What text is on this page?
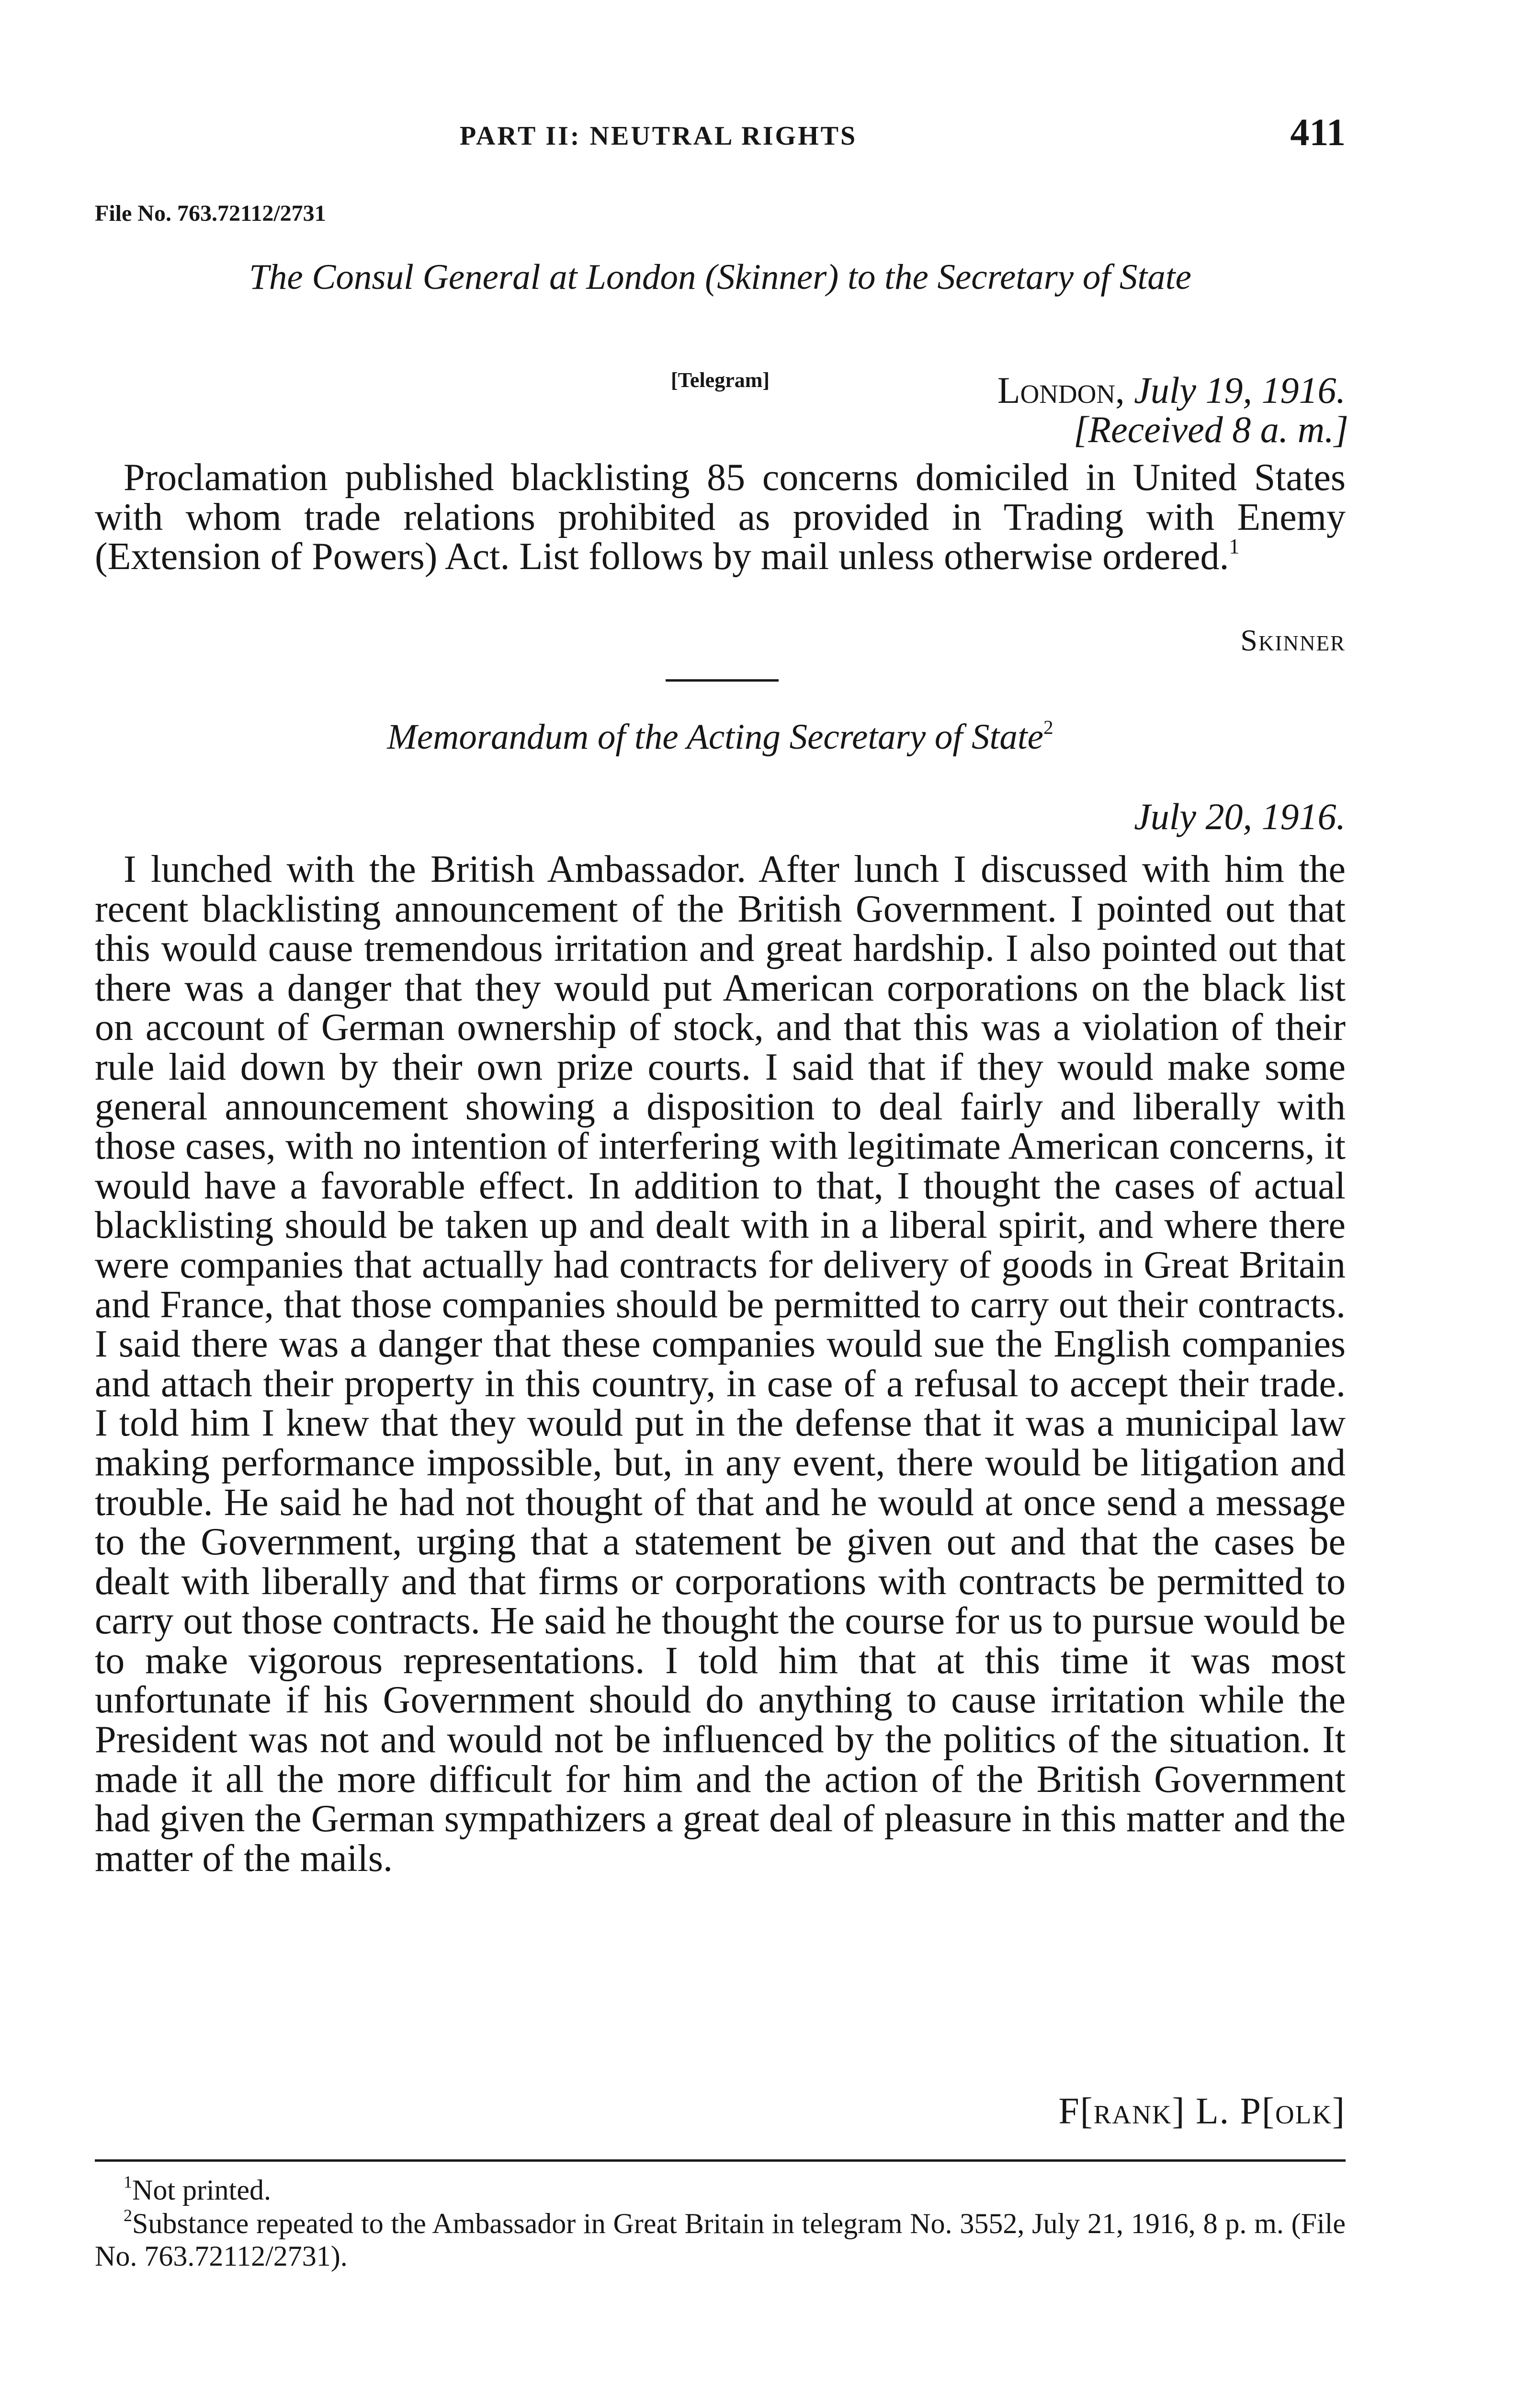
PART II: NEUTRAL RIGHTS	411
File No. 763.72112/2731
The Consul General at London (Skinner) to the Secretary of State
[Telegram]	London, July 19, 1916.
[Received 8 a. m.]

Proclamation published blacklisting 85 concerns domiciled in United States with whom trade relations prohibited as provided in Trading with Enemy (Extension of Powers) Act. List follows by mail unless otherwise ordered.$^1$

Skinner
Memorandum of the Acting Secretary of State$^2$
July 20, 1916.

I lunched with the British Ambassador. After lunch I discussed with him the recent blacklisting announcement of the British Government. I pointed out that this would cause tremendous irritation and great hardship. I also pointed out that there was a danger that they would put American corporations on the black list on account of German ownership of stock, and that this was a violation of their rule laid down by their own prize courts. I said that if they would make some general announcement showing a disposition to deal fairly and liberally with those cases, with no intention of interfering with legitimate American concerns, it would have a favorable effect. In addition to that, I thought the cases of actual blacklisting should be taken up and dealt with in a liberal spirit, and where there were companies that actually had contracts for delivery of goods in Great Britain and France, that those companies should be permitted to carry out their contracts. I said there was a danger that these companies would sue the English companies and attach their property in this country, in case of a refusal to accept their trade. I told him I knew that they would put in the defense that it was a municipal law making performance impossible, but, in any event, there would be litigation and trouble. He said he had not thought of that and he would at once send a message to the Government, urging that a statement be given out and that the cases be dealt with liberally and that firms or corporations with contracts be permitted to carry out those contracts. He said he thought the course for us to pursue would be to make vigorous representations. I told him that at this time it was most unfortunate if his Government should do anything to cause irritation while the President was not and would not be influenced by the politics of the situation. It made it all the more difficult for him and the action of the British Government had given the German sympathizers a great deal of pleasure in this matter and the matter of the mails.

F[rank] L. P[olk]
$^1$Not printed.
$^2$Substance repeated to the Ambassador in Great Britain in telegram No. 3552, July 21, 1916, 8 p. m. (File No. 763.72112/2731).
